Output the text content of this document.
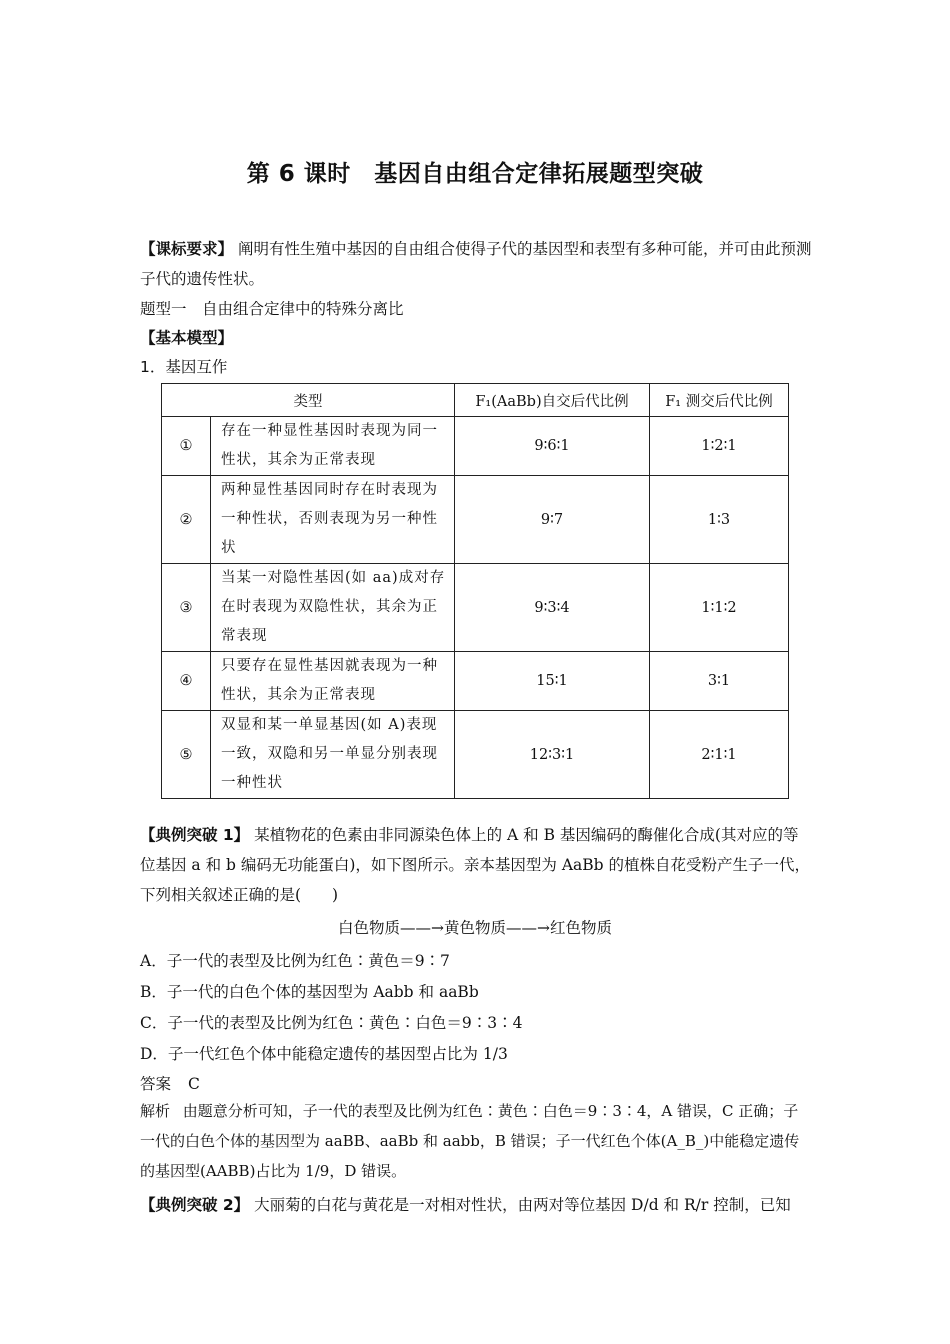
第 6 课时　基因自由组合定律拓展题型突破
【课标要求】 阐明有性生殖中基因的自由组合使得子代的基因型和表型有多种可能，并可由此预测子代的遗传性状。
题型一　自由组合定律中的特殊分离比
【基本模型】
1．基因互作
类型		F₁(AaBb)自交后代比例	F₁ 测交后代比例
①	存在一种显性基因时表现为同一性状，其余为正常表现	9∶6∶1	1∶2∶1
②	两种显性基因同时存在时表现为一种性状，否则表现为另一种性状	9∶7	1∶3
③	当某一对隐性基因(如 aa)成对存在时表现为双隐性状，其余为正常表现	9∶3∶4	1∶1∶2
④	只要存在显性基因就表现为一种性状，其余为正常表现	15∶1	3∶1
⑤	双显和某一单显基因(如 A)表现一致，双隐和另一单显分别表现一种性状	12∶3∶1	2∶1∶1
【典例突破 1】 某植物花的色素由非同源染色体上的 A 和 B 基因编码的酶催化合成(其对应的等位基因 a 和 b 编码无功能蛋白)，如下图所示。亲本基因型为 AaBb 的植株自花受粉产生子一代，下列相关叙述正确的是(　　)
白色物质——→黄色物质——→红色物质
A．子一代的表型及比例为红色∶黄色＝9∶7
B．子一代的白色个体的基因型为 Aabb 和 aaBb
C．子一代的表型及比例为红色∶黄色∶白色＝9∶3∶4
D．子一代红色个体中能稳定遗传的基因型占比为 1/3
答案 C
解析 由题意分析可知，子一代的表型及比例为红色∶黄色∶白色＝9∶3∶4，A 错误，C 正确；子一代的白色个体的基因型为 aaBB、aaBb 和 aabb，B 错误；子一代红色个体(A_B_)中能稳定遗传的基因型(AABB)占比为 1/9，D 错误。
【典例突破 2】 大丽菊的白花与黄花是一对相对性状，由两对等位基因 D/d 和 R/r 控制，已知
